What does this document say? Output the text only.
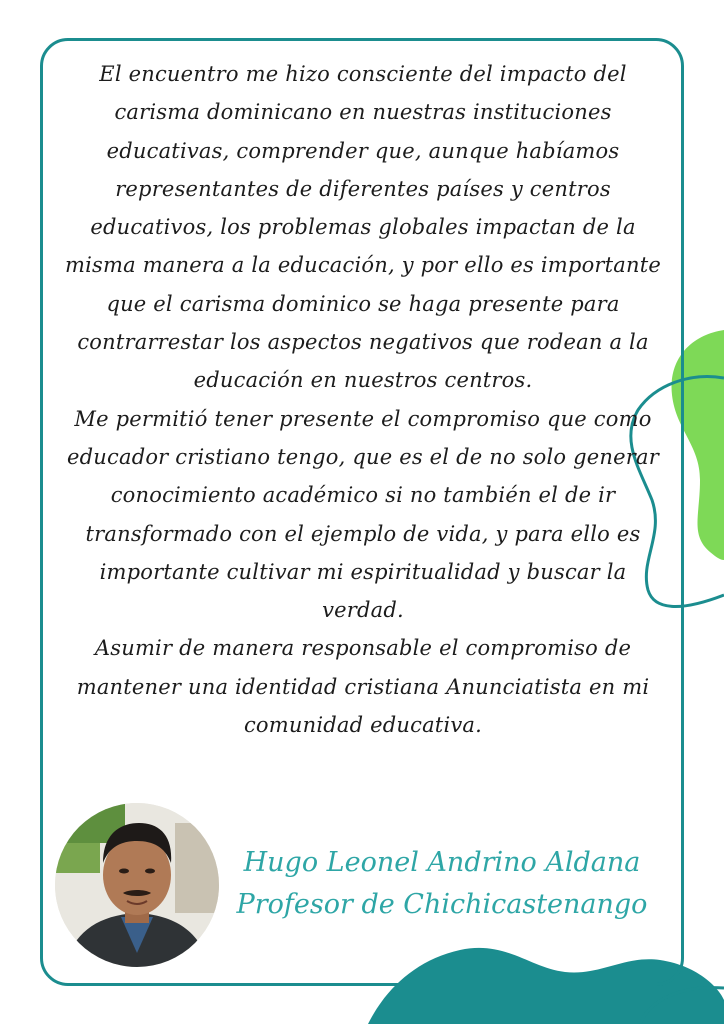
El encuentro me hizo consciente del impacto del carisma dominicano en nuestras instituciones educativas, comprender que, aunque habíamos representantes de diferentes países y centros educativos, los problemas globales impactan de la misma manera a la educación, y por ello es importante que el carisma dominico se haga presente para contrarrestar los aspectos negativos que rodean a la educación en nuestros centros.

Me permitió tener presente el compromiso que como educador cristiano tengo, que es el de no solo generar conocimiento académico si no también el de ir transformado con el ejemplo de vida, y para ello es importante cultivar mi espiritualidad y buscar la verdad.

Asumir de manera responsable el compromiso de mantener una identidad cristiana Anunciatista en mi comunidad educativa.

Hugo Leonel Andrino Aldana
Profesor de Chichicastenango
